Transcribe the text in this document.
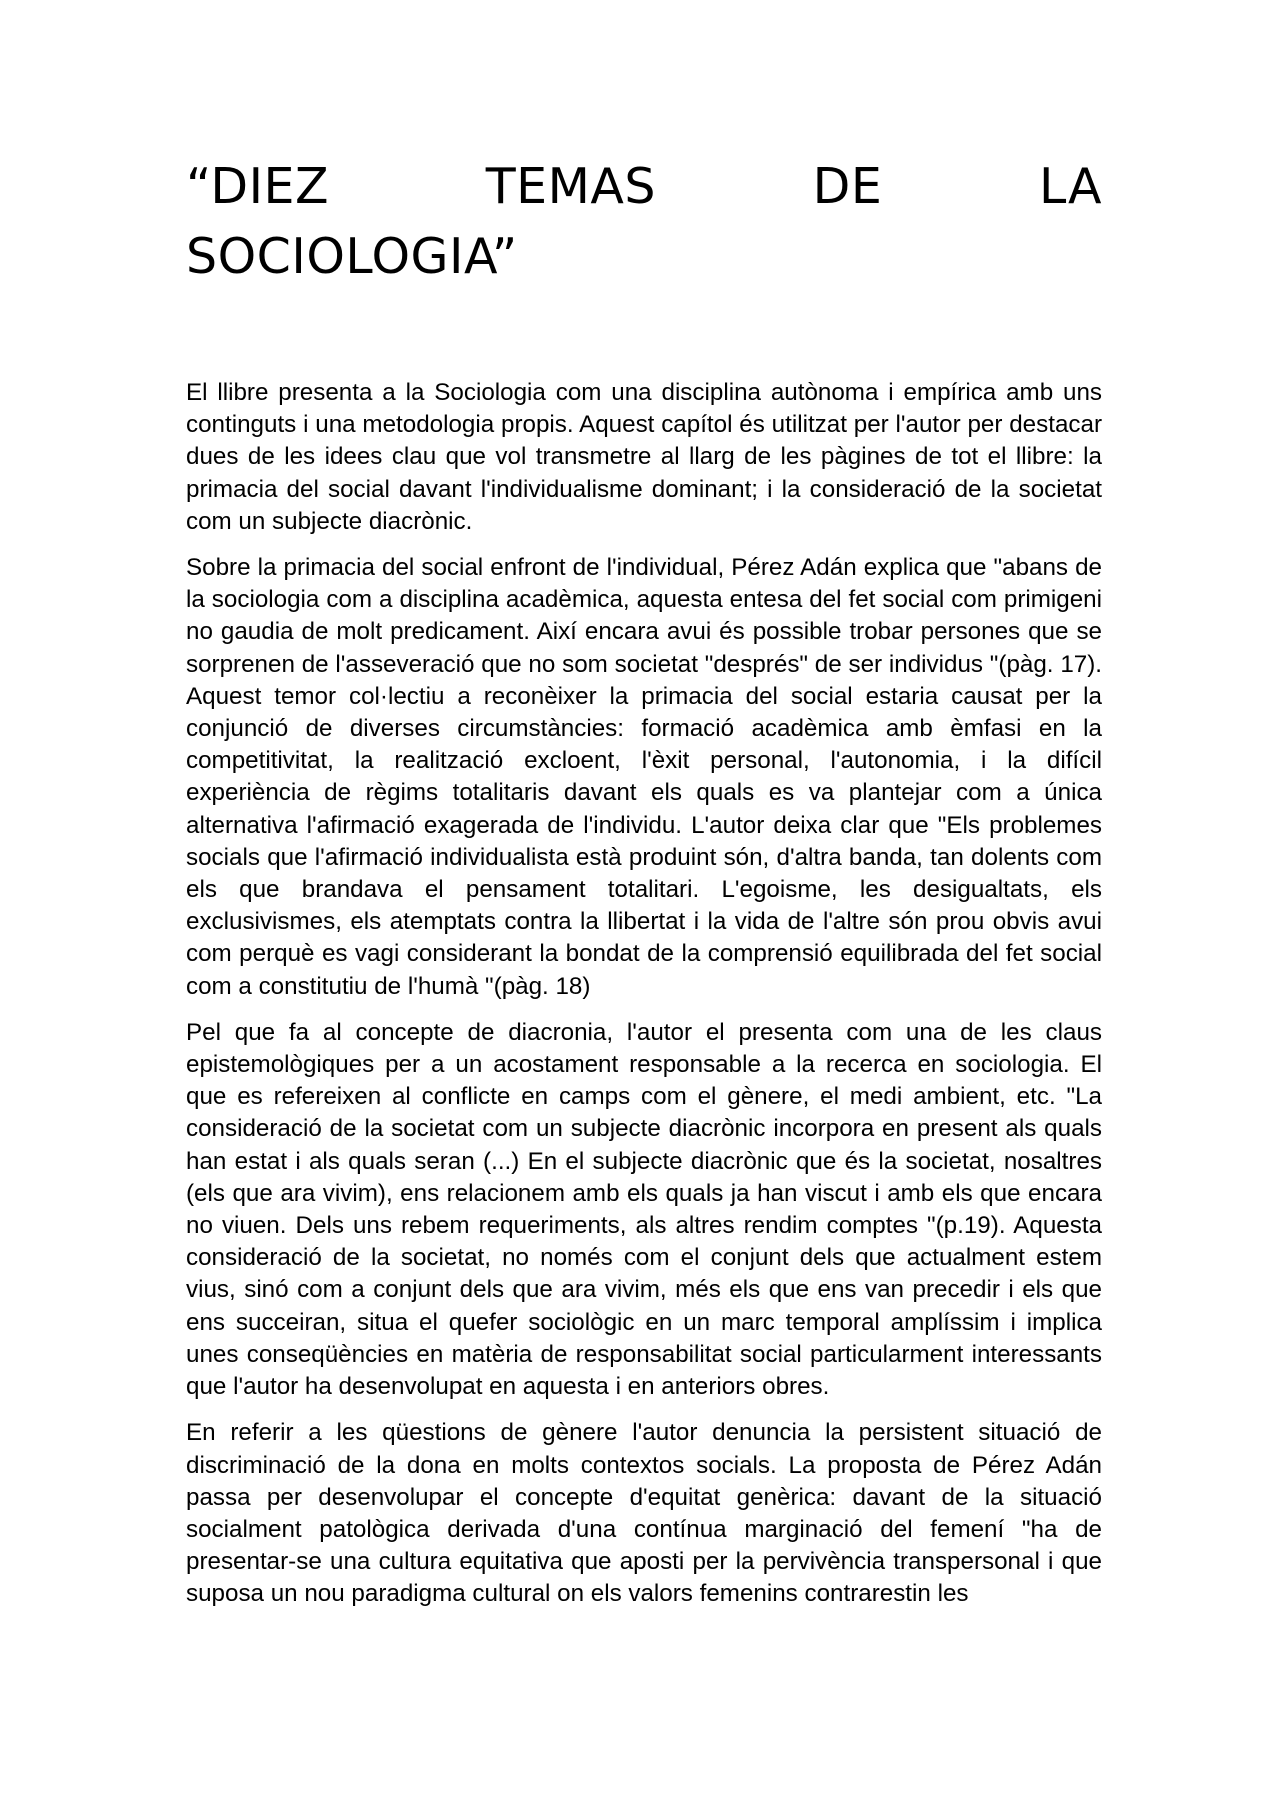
“DIEZ	TEMAS	DE	LA
SOCIOLOGIA”

El llibre presenta a la Sociologia com una disciplina autònoma i empírica amb uns continguts i una metodologia propis. Aquest capítol és utilitzat per l'autor per destacar dues de les idees clau que vol transmetre al llarg de les pàgines de tot el llibre: la primacia del social davant l'individualisme dominant; i la consideració de la societat com un subjecte diacrònic.

Sobre la primacia del social enfront de l'individual, Pérez Adán explica que "abans de la sociologia com a disciplina acadèmica, aquesta entesa del fet social com primigeni no gaudia de molt predicament. Així encara avui és possible trobar persones que se sorprenen de l'asseveració que no som societat "després" de ser individus "(pàg. 17). Aquest temor col·lectiu a reconèixer la primacia del social estaria causat per la conjunció de diverses circumstàncies: formació acadèmica amb èmfasi en la competitivitat, la realització excloent, l'èxit personal, l'autonomia, i la difícil experiència de règims totalitaris davant els quals es va plantejar com a única alternativa l'afirmació exagerada de l'individu. L'autor deixa clar que "Els problemes socials que l'afirmació individualista està produint són, d'altra banda, tan dolents com els que brandava el pensament totalitari. L'egoisme, les desigualtats, els exclusivismes, els atemptats contra la llibertat i la vida de l'altre són prou obvis avui com perquè es vagi considerant la bondat de la comprensió equilibrada del fet social com a constitutiu de l'humà "(pàg. 18)

Pel que fa al concepte de diacronia, l'autor el presenta com una de les claus epistemològiques per a un acostament responsable a la recerca en sociologia. El que es refereixen al conflicte en camps com el gènere, el medi ambient, etc. "La consideració de la societat com un subjecte diacrònic incorpora en present als quals han estat i als quals seran (...) En el subjecte diacrònic que és la societat, nosaltres (els que ara vivim), ens relacionem amb els quals ja han viscut i amb els que encara no viuen. Dels uns rebem requeriments, als altres rendim comptes "(p.19). Aquesta consideració de la societat, no només com el conjunt dels que actualment estem vius, sinó com a conjunt dels que ara vivim, més els que ens van precedir i els que ens succeiran, situa el quefer sociològic en un marc temporal amplíssim i implica unes conseqüències en matèria de responsabilitat social particularment interessants que l'autor ha desenvolupat en aquesta i en anteriors obres.

En referir a les qüestions de gènere l'autor denuncia la persistent situació de discriminació de la dona en molts contextos socials. La proposta de Pérez Adán passa per desenvolupar el concepte d'equitat genèrica: davant de la situació socialment patològica derivada d'una contínua marginació del femení "ha de presentar-se una cultura equitativa que aposti per la pervivència transpersonal i que suposa un nou paradigma cultural on els valors femenins contrarestin les
